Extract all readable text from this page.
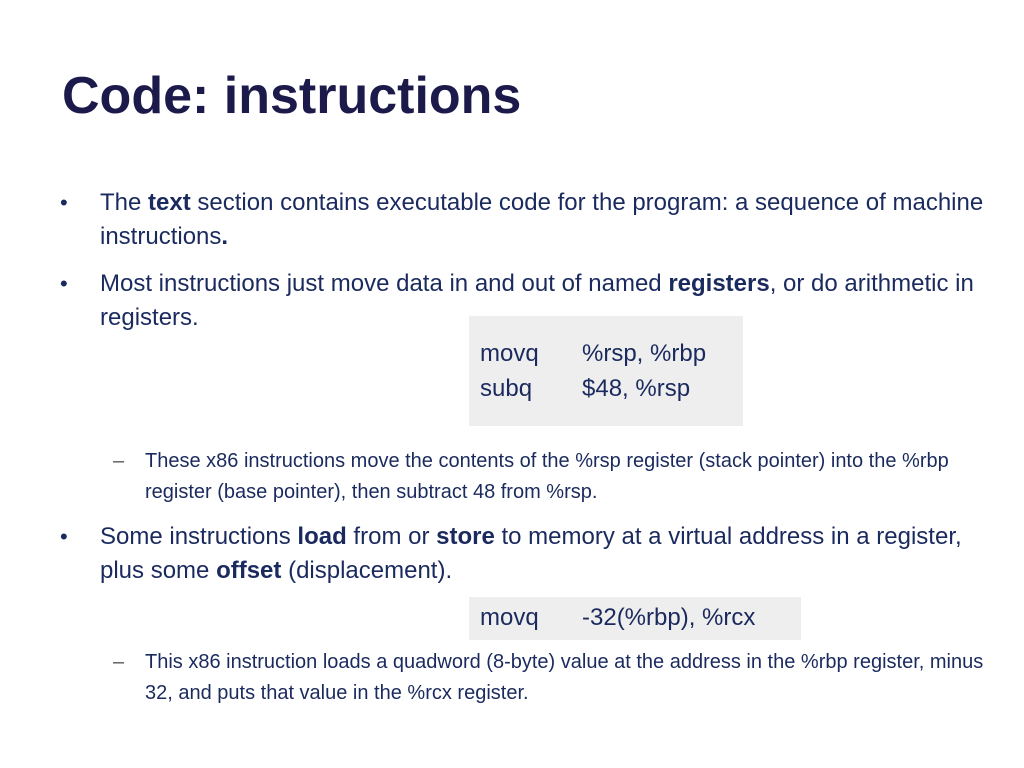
Code: instructions
•	The text section contains executable code for the program: a sequence of machine instructions.
•	Most instructions just move data in and out of named registers, or do arithmetic in registers.
movq	%rsp, %rbp
subq	$48, %rsp
– These x86 instructions move the contents of the %rsp register (stack pointer) into the %rbp register (base pointer), then subtract 48 from %rsp.
•	Some instructions load from or store to memory at a virtual address in a register, plus some offset (displacement).
movq	-32(%rbp), %rcx
– This x86 instruction loads a quadword (8-byte) value at the address in the %rbp register, minus 32, and puts that value in the %rcx register.
